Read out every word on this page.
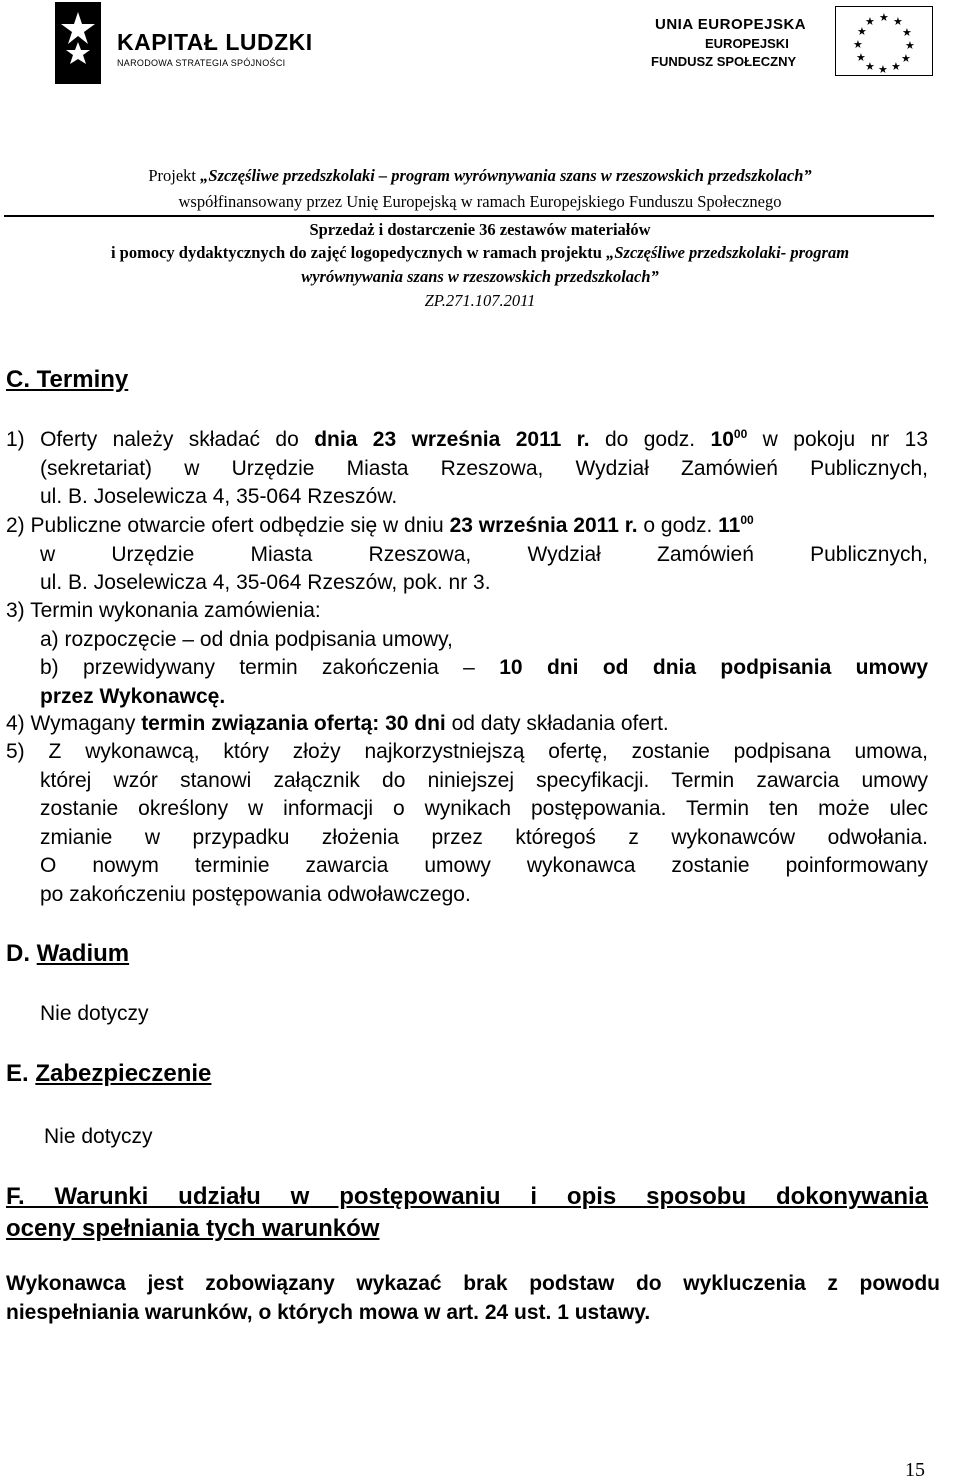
KAPITAŁ LUDZKI
NARODOWA STRATEGIA SPÓJNOŚCI
UNIA EUROPEJSKA
EUROPEJSKI
FUNDUSZ SPOŁECZNY
★ ★
★
★
★
★
★
★
★
★
★
★
Projekt „Szczęśliwe przedszkolaki – program wyrównywania szans w rzeszowskich przedszkolach”
współfinansowany przez Unię Europejską w ramach Europejskiego Funduszu Społecznego
Sprzedaż i dostarczenie 36 zestawów materiałów
i pomocy dydaktycznych do zajęć logopedycznych w ramach projektu „Szczęśliwe przedszkolaki- program
wyrównywania szans w rzeszowskich przedszkolach”
ZP.271.107.2011
C. Terminy
1) Oferty należy składać do dnia 23 września 2011 r. do godz. $10^{00}$ w pokoju nr 13
(sekretariat) w Urzędzie Miasta Rzeszowa, Wydział Zamówień Publicznych,
ul. B. Joselewicza 4, 35-064 Rzeszów.
2) Publiczne otwarcie ofert odbędzie się w dniu 23 września 2011 r. o godz. $11^{00}$
w Urzędzie Miasta Rzeszowa, Wydział Zamówień Publicznych,
ul. B. Joselewicza 4, 35-064 Rzeszów, pok. nr 3.
3) Termin wykonania zamówienia:
a) rozpoczęcie – od dnia podpisania umowy,
b) przewidywany termin zakończenia – 10 dni od dnia podpisania umowy
przez Wykonawcę.
4) Wymagany termin związania ofertą: 30 dni od daty składania ofert.
5) Z wykonawcą, który złoży najkorzystniejszą ofertę, zostanie podpisana umowa,
której wzór stanowi załącznik do niniejszej specyfikacji. Termin zawarcia umowy
zostanie określony w informacji o wynikach postępowania. Termin ten może ulec
zmianie w przypadku złożenia przez któregoś z wykonawców odwołania.
O nowym terminie zawarcia umowy wykonawca zostanie poinformowany
po zakończeniu postępowania odwoławczego.
D. Wadium
Nie dotyczy
E. Zabezpieczenie
Nie dotyczy
F. Warunki udziału w postępowaniu i opis sposobu dokonywania
oceny spełniania tych warunków
Wykonawca jest zobowiązany wykazać brak podstaw do wykluczenia z powodu
niespełniania warunków, o których mowa w art. 24 ust. 1 ustawy.
15
